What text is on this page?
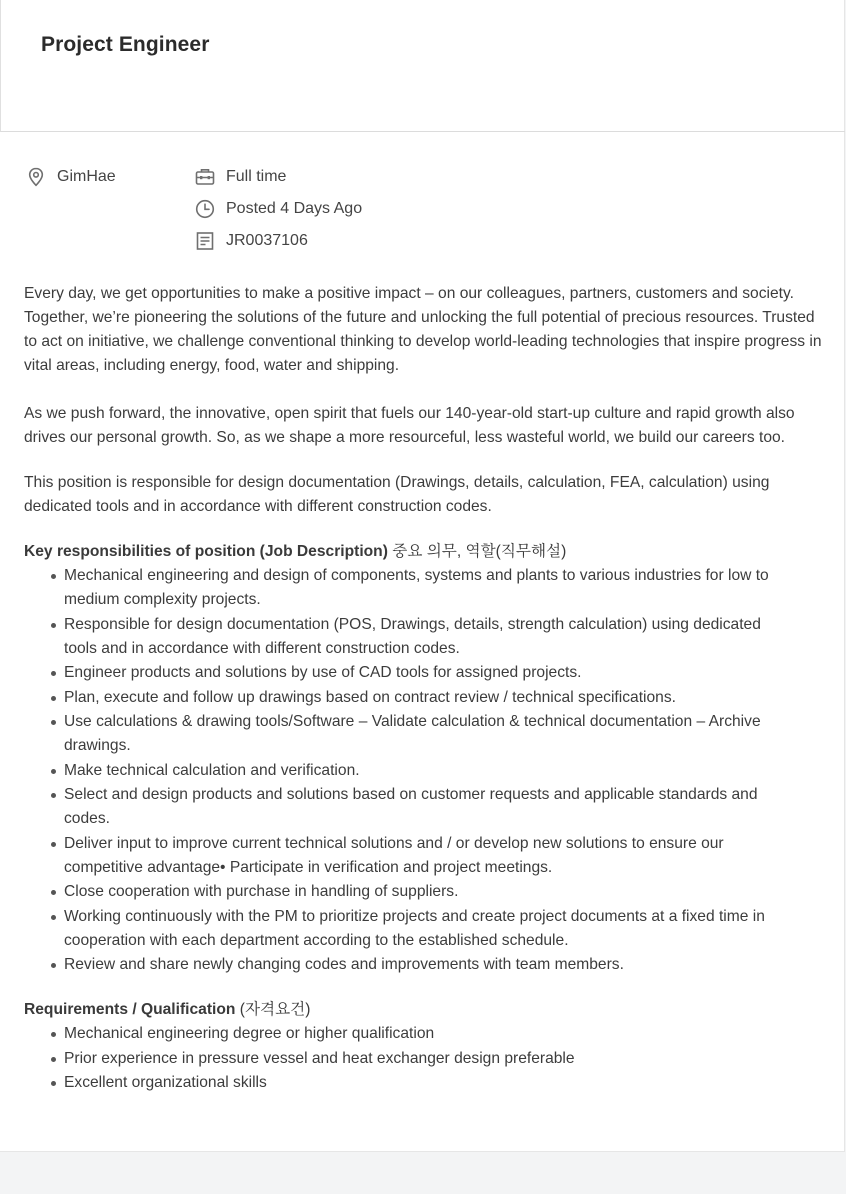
Project Engineer
GimHae	Full time
Posted 4 Days Ago
JR0037106

Every day, we get opportunities to make a positive impact – on our colleagues, partners, customers and society. Together, we’re pioneering the solutions of the future and unlocking the full potential of precious resources. Trusted to act on initiative, we challenge conventional thinking to develop world-leading technologies that inspire progress in vital areas, including energy, food, water and shipping.

As we push forward, the innovative, open spirit that fuels our 140-year-old start-up culture and rapid growth also drives our personal growth. So, as we shape a more resourceful, less wasteful world, we build our careers too.

This position is responsible for design documentation (Drawings, details, calculation, FEA, calculation) using dedicated tools and in accordance with different construction codes.

Key responsibilities of position (Job Description) 중요 의무, 역할(직무해설)

Mechanical engineering and design of components, systems and plants to various industries for low to medium complexity projects.
Responsible for design documentation (POS, Drawings, details, strength calculation) using dedicated tools and in accordance with different construction codes.
Engineer products and solutions by use of CAD tools for assigned projects.
Plan, execute and follow up drawings based on contract review / technical specifications.
Use calculations & drawing tools/Software – Validate calculation & technical documentation – Archive drawings.
Make technical calculation and verification.
Select and design products and solutions based on customer requests and applicable standards and codes.
Deliver input to improve current technical solutions and / or develop new solutions to ensure our competitive advantage• Participate in verification and project meetings.
Close cooperation with purchase in handling of suppliers.
Working continuously with the PM to prioritize projects and create project documents at a fixed time in cooperation with each department according to the established schedule.
Review and share newly changing codes and improvements with team members.

Requirements / Qualification (자격요건)

Mechanical engineering degree or higher qualification
Prior experience in pressure vessel and heat exchanger design preferable
Excellent organizational skills
